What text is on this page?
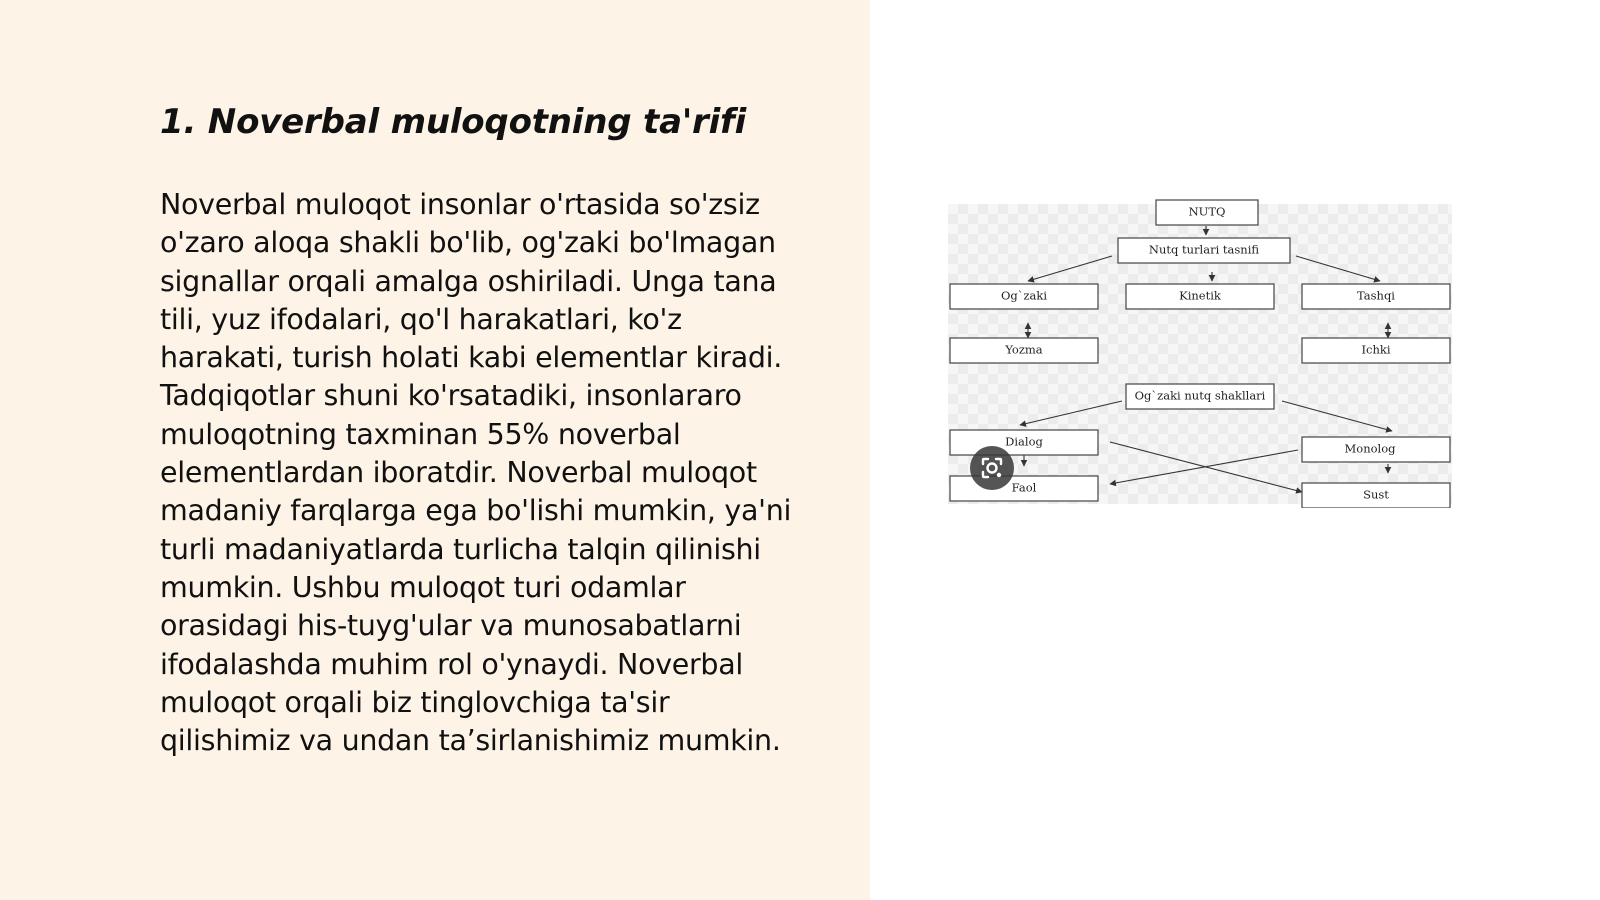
1. Noverbal muloqotning ta'rifi

Noverbal muloqot insonlar o'rtasida so'zsiz
o'zaro aloqa shakli bo'lib, og'zaki bo'lmagan
signallar orqali amalga oshiriladi. Unga tana
tili, yuz ifodalari, qo'l harakatlari, ko'z
harakati, turish holati kabi elementlar kiradi.
Tadqiqotlar shuni ko'rsatadiki, insonlararo
muloqotning taxminan 55% noverbal
elementlardan iboratdir. Noverbal muloqot
madaniy farqlarga ega bo'lishi mumkin, ya'ni
turli madaniyatlarda turlicha talqin qilinishi
mumkin. Ushbu muloqot turi odamlar
orasidagi his-tuyg'ular va munosabatlarni
ifodalashda muhim rol o'ynaydi. Noverbal
muloqot orqali biz tinglovchiga ta'sir
qilishimiz va undan ta’sirlanishimiz mumkin.

NUTQ
Nutq turlari tasnifi
Og`zaki	Kinetik	Tashqi
Yozma	Ichki
Og`zaki nutq shakllari
Dialog	Monolog
Faol	Sust
